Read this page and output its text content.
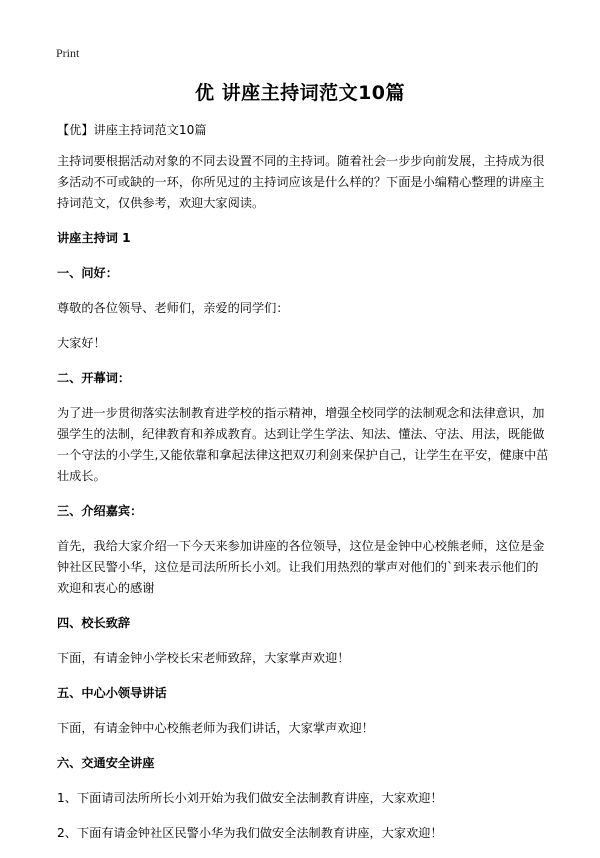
Print
优 讲座主持词范文10篇

【优】讲座主持词范文10篇

主持词要根据活动对象的不同去设置不同的主持词。随着社会一步步向前发展，主持成为很多活动不可或缺的一环，你所见过的主持词应该是什么样的？下面是小编精心整理的讲座主持词范文，仅供参考，欢迎大家阅读。

讲座主持词 1

一、问好：

尊敬的各位领导、老师们，亲爱的同学们：

大家好！

二、开幕词：

为了进一步贯彻落实法制教育进学校的指示精神，增强全校同学的法制观念和法律意识，加强学生的法制，纪律教育和养成教育。达到让学生学法、知法、懂法、守法、用法，既能做一个守法的小学生,又能依靠和拿起法律这把双刃利剑来保护自己，让学生在平安，健康中茁壮成长。

三、介绍嘉宾：

首先，我给大家介绍一下今天来参加讲座的各位领导，这位是金钟中心校熊老师，这位是金钟社区民警小华，这位是司法所所长小刘。让我们用热烈的掌声对他们的`到来表示他们的欢迎和衷心的感谢

四、校长致辞

下面，有请金钟小学校长宋老师致辞，大家掌声欢迎！

五、中心小领导讲话

下面，有请金钟中心校熊老师为我们讲话，大家掌声欢迎！

六、交通安全讲座

1、下面请司法所所长小刘开始为我们做安全法制教育讲座，大家欢迎！

2、下面有请金钟社区民警小华为我们做安全法制教育讲座，大家欢迎！
